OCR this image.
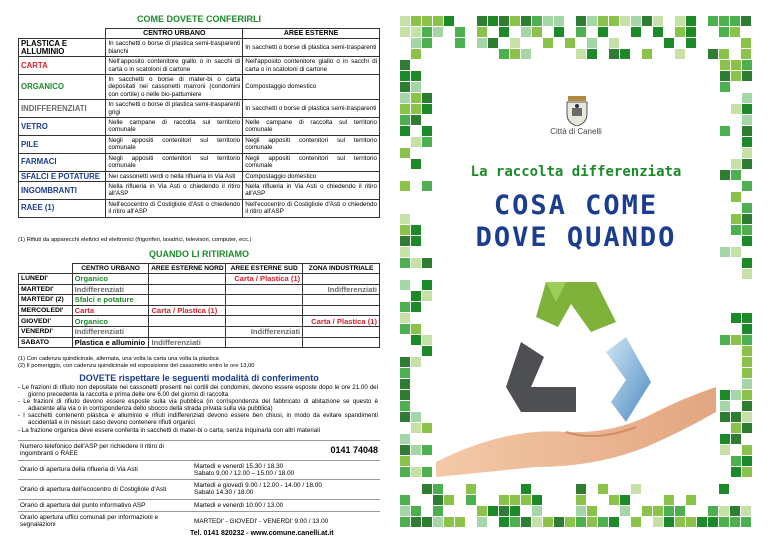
COME DOVETE CONFERIRLI
	CENTRO URBANO	AREE ESTERNE
PLASTICA E ALLUMINIO	In sacchetti o borse di plastica semi-trasparenti bianchi	In sacchetti o borse di plastica semi-trasparenti
CARTA	Nell'apposito contenitore giallo o in sacchi di carta o in scatoloni di cartone	Nell'apposito contenitore giallo o in sacchi di carta o in scatoloni di cartone
ORGANICO	In sacchetti o borse di mater-bi o carta depositati nei cassonetti marroni (condomini con cortile) o nelle bio-pattumiere	Compostaggio domestico
INDIFFERENZIATI	In sacchetti o borse di plastica semi-trasparenti grigi	In sacchetti o borse di plastica semi-trasparenti
VETRO	Nelle campane di raccolta sul territorio comunale	Nelle campane di raccolta sul territorio comunale
PILE	Negli appositi contenitori sul territorio comunale	Negli appositi contenitori sul territorio comunale
FARMACI	Negli appositi contenitori sul territorio comunale	Negli appositi contenitori sul territorio comunale
SFALCI E POTATURE	Nei cassonetti verdi o nella riflueria in Via Asti	Compostaggio domestico
INGOMBRANTI	Nella riflueria in Via Asti o chiedendo il ritiro all'ASP	Nella riflueria in Via Asti o chiedendo il ritiro all'ASP
RAEE (1)	Nell'ecocentro di Costigliole d'Asti o chiedendo il ritiro all'ASP	Nell'ecocentro di Costigliole d'Asti o chiedendo il ritiro all'ASP
(1) Rifiuti da apparecchi elettrici ed elettronici (frigoriferi, lavatrici, televisori, computer, ecc.)
QUANDO LI RITIRIAMO
	CENTRO URBANO	AREE ESTERNE NORD	AREE ESTERNE SUD	ZONA INDUSTRIALE
LUNEDI'	Organico		Carta / Plastica (1)	
MARTEDI'	Indifferenziati			Indifferenziati
MARTEDI' (2)	Sfalci e potature			
MERCOLEDI'	Carta	Carta / Plastica (1)		
GIOVEDI'	Organico			Carta / Plastica (1)
VENERDI'	Indifferenziati		Indifferenziati	
SABATO	Plastica e alluminio	Indifferenziati		
(1) Con cadenza quindicinale, alternata, una volta la carta una volta la plastica
(2) Il pomeriggio, con cadenza quindicinale ed esposizione del cassonetto entro le ore 13,00
DOVETE rispettare le seguenti modalità di conferimento
- Le frazioni di rifiuto non depositate nei cassonetti presenti nei cortili dei condomini, devono essere esposte dopo le ore 21.00 del giorno precedente la raccolta e prima delle ore 6.00 del giorno di raccolta
- Le frazioni di rifiuto devono essere esposte sulla via pubblica (in corrispondenza del fabbricato di abitazione se questo è adiacente alla via o in corrispondenza dello sbocco della strada privata sulla via pubblica)
- I sacchetti contenenti plastica e alluminio e rifiuti indifferenziati devono essere ben chiusi, in modo da evitare spandimenti accidentali e in nessun caso devono contenere rifiuti organici
- La frazione organica deve essere conferita in sacchetti di mater-bi o carta, senza inquinarla con altri materiali
Numero telefonico dell'ASP per richiedere il ritiro di ingombranti o RAEE	0141 74048
Orario di apertura della riflueria di Via Asti	Martedì e venerdì 15.30 / 18.30
Sabato 9.00 / 12.00 – 15.00 / 18.00
Orario di apertura dell'ecocentro di Costigliole d'Asti	Martedì e giovedì 9.00 / 12.00 - 14.00 / 18.00
Sabato 14.30 / 18.00
Orario di apertura del punto informativo ASP	Martedì e venerdì 10.00 / 13.00
Orario apertura uffici comunali per informazioni e segnalazioni	MARTEDI' - GIOVEDI' - VENERDI' 9.00 / 13.00
Tel. 0141 820232 - www.comune.canelli.at.it
Città di Canelli
La raccolta differenziata
COSA COME
DOVE QUANDO
